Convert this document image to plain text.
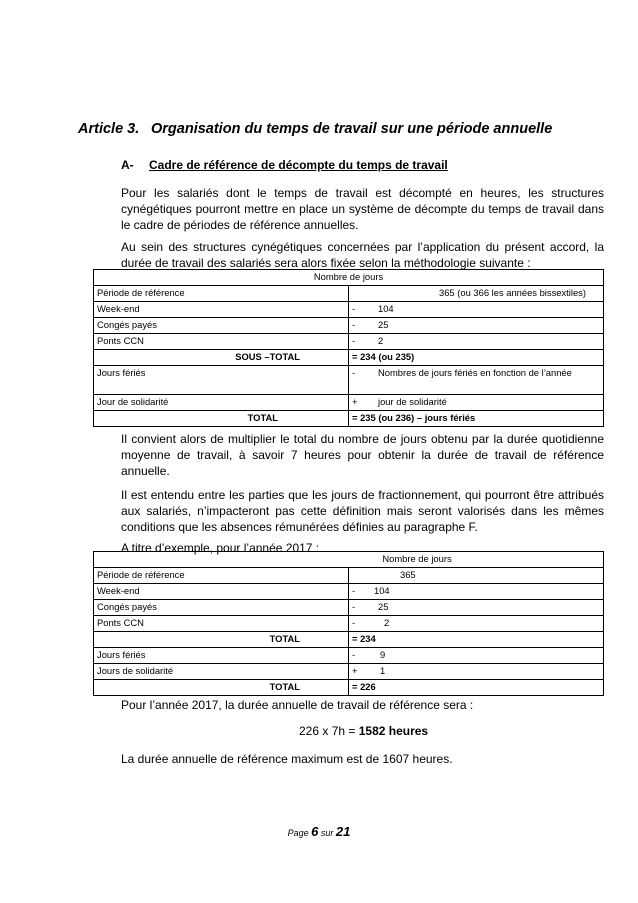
Article 3. Organisation du temps de travail sur une période annuelle
A- Cadre de référence de décompte du temps de travail
Pour les salariés dont le temps de travail est décompté en heures, les structures cynégétiques pourront mettre en place un système de décompte du temps de travail dans le cadre de périodes de référence annuelles.
Au sein des structures cynégétiques concernées par l’application du présent accord, la durée de travail des salariés sera alors fixée selon la méthodologie suivante :
Nombre de jours	
Période de référence	365 (ou 366 les années bissextiles)
Week-end	- 104
Congés payés	- 25
Ponts CCN	- 2
SOUS –TOTAL	= 234 (ou 235)
Jours fériés	- Nombres de jours fériés en fonction de l’année
Jour de solidarité	+ jour de solidarité
TOTAL	= 235 (ou 236) – jours fériés
Il convient alors de multiplier le total du nombre de jours obtenu par la durée quotidienne moyenne de travail, à savoir 7 heures pour obtenir la durée de travail de référence annuelle.
Il est entendu entre les parties que les jours de fractionnement, qui pourront être attribués aux salariés, n’impacteront pas cette définition mais seront valorisés dans les mêmes conditions que les absences rémunérées définies au paragraphe F.
A titre d’exemple, pour l’année 2017 :
Nombre de jours	
Période de référence	365
Week-end	- 104
Congés payés	- 25
Ponts CCN	- 2
TOTAL	= 234
Jours fériés	- 9
Jours de solidarité	+ 1
TOTAL	= 226
Pour l’année 2017, la durée annuelle de travail de référence sera :
226 x 7h = 1582 heures
La durée annuelle de référence maximum est de 1607 heures.
Page 6 sur 21
